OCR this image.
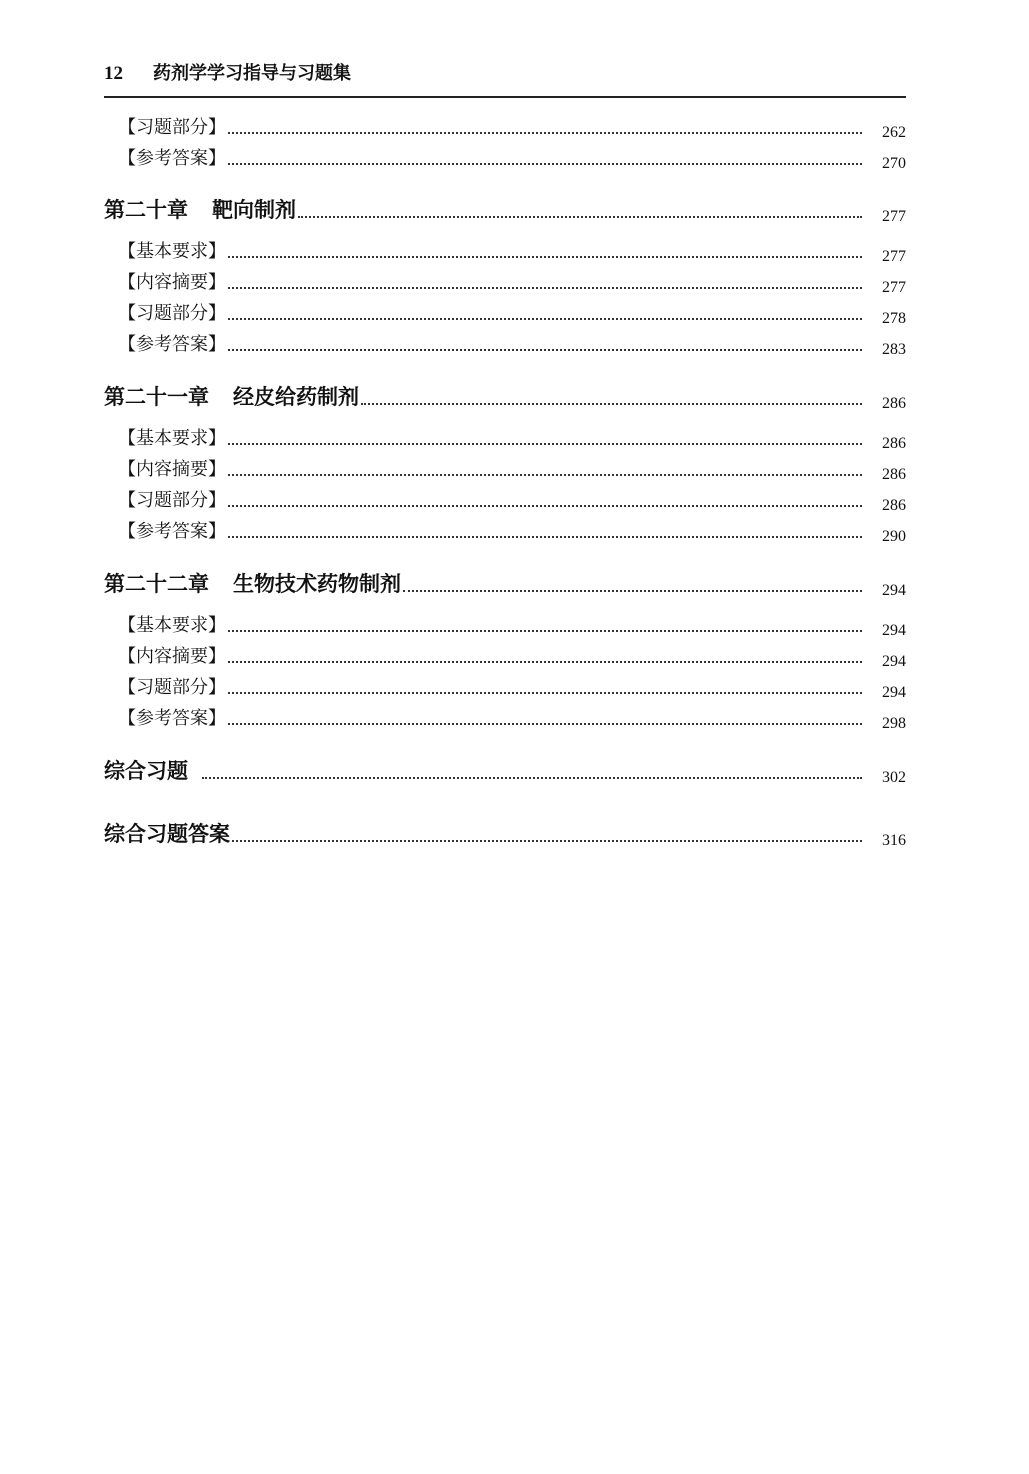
12 药剂学学习指导与习题集
【习题部分】	262
【参考答案】	270
第二十章 靶向制剂	277
【基本要求】	277
【内容摘要】	277
【习题部分】	278
【参考答案】	283
第二十一章 经皮给药制剂	286
【基本要求】	286
【内容摘要】	286
【习题部分】	286
【参考答案】	290
第二十二章 生物技术药物制剂	294
【基本要求】	294
【内容摘要】	294
【习题部分】	294
【参考答案】	298
综合习题	302
综合习题答案	316
